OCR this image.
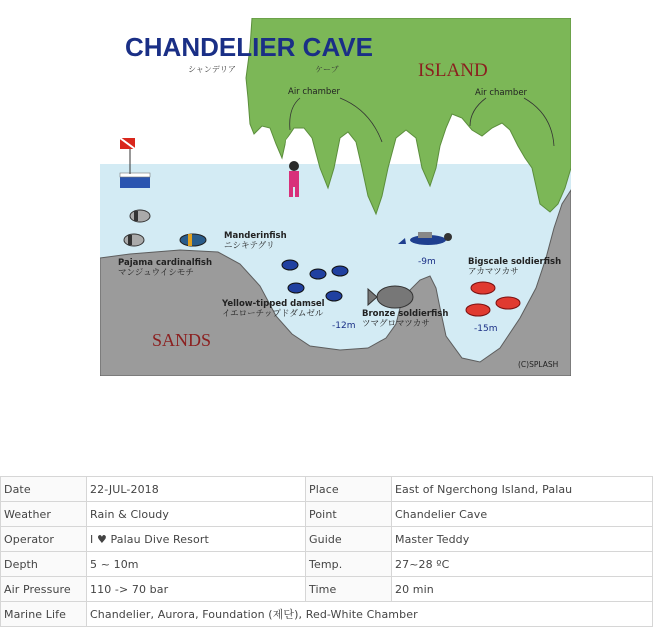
CHANDELIER CAVE
シャンデリア	ケーブ	ISLAND
Air chamber	Air chamber
Manderinfish
ニシキテグリ
Pajama cardinalfish
マンジュウイシモチ
Yellow-tipped damsel
イエローチップドダムゼル	Bronze soldierfish
ツマグロマツカサ
Bigscale soldierfish
アカマツカサ
-9m
-12m	-15m
SANDS
(C)SPLASH
Date	22-JUL-2018	Place	East of Ngerchong Island, Palau
Weather	Rain & Cloudy	Point	Chandelier Cave
Operator	I ♥ Palau Dive Resort	Guide	Master Teddy
Depth	5 ~ 10m	Temp.	27~28 ºC
Air Pressure	110 -> 70 bar	Time	20 min
Marine Life	Chandelier, Aurora, Foundation (제단), Red-White Chamber		
